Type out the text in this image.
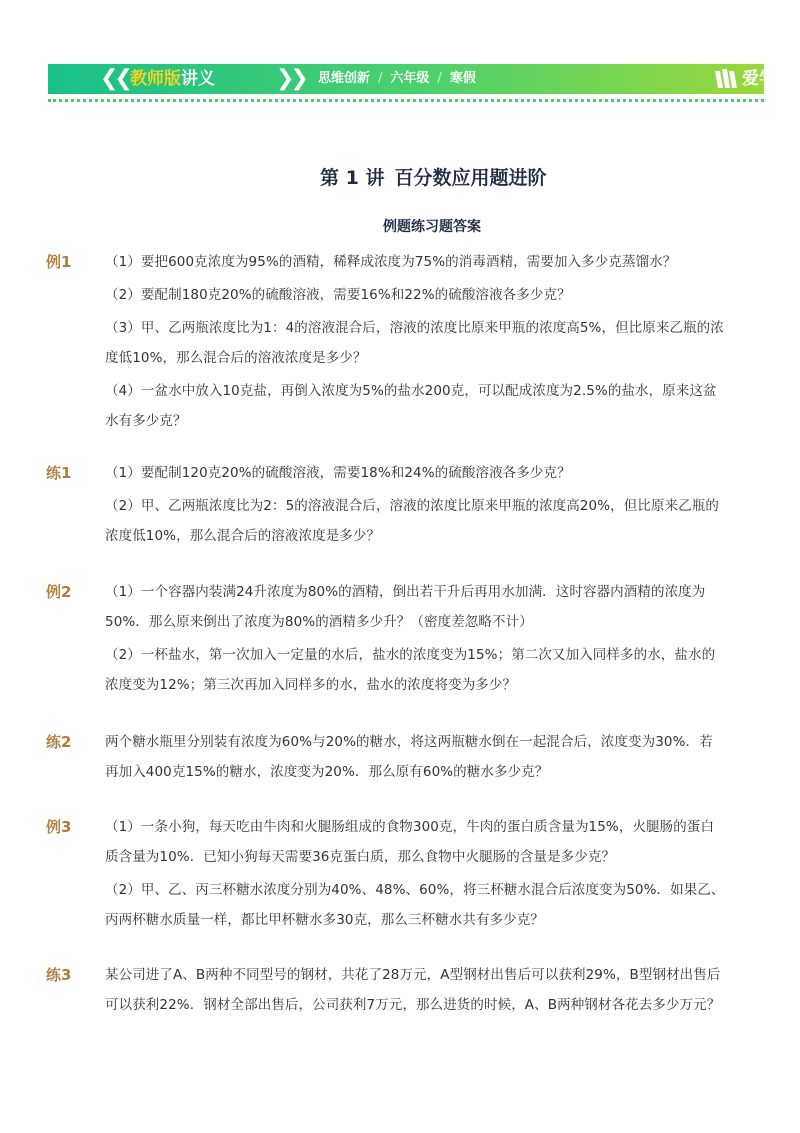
❮❮ 教师版讲义	❯❯ 思维创新 / 六年级 / 寒假	爱学习
第 1 讲 百分数应用题进阶
例题练习题答案
例1	（1）要把600克浓度为95%的酒精，稀释成浓度为75%的消毒酒精，需要加入多少克蒸馏水？

（2）要配制180克20%的硫酸溶液，需要16%和22%的硫酸溶液各多少克？

（3）甲、乙两瓶浓度比为1：4的溶液混合后，溶液的浓度比原来甲瓶的浓度高5%，但比原来乙瓶的浓度低10%，那么混合后的溶液浓度是多少？

（4）一盆水中放入10克盐，再倒入浓度为5%的盐水200克，可以配成浓度为2.5%的盐水，原来这盆水有多少克？

练1	（1）要配制120克20%的硫酸溶液，需要18%和24%的硫酸溶液各多少克？

（2）甲、乙两瓶浓度比为2：5的溶液混合后，溶液的浓度比原来甲瓶的浓度高20%，但比原来乙瓶的浓度低10%，那么混合后的溶液浓度是多少？

例2	（1）一个容器内装满24升浓度为80%的酒精，倒出若干升后再用水加满．这时容器内酒精的浓度为50%．那么原来倒出了浓度为80%的酒精多少升？（密度差忽略不计）

（2）一杯盐水，第一次加入一定量的水后，盐水的浓度变为15%；第二次又加入同样多的水，盐水的浓度变为12%；第三次再加入同样多的水，盐水的浓度将变为多少？

练2	两个糖水瓶里分别装有浓度为60%与20%的糖水，将这两瓶糖水倒在一起混合后，浓度变为30%．若再加入400克15%的糖水，浓度变为20%．那么原有60%的糖水多少克？

例3	（1）一条小狗，每天吃由牛肉和火腿肠组成的食物300克，牛肉的蛋白质含量为15%，火腿肠的蛋白质含量为10%．已知小狗每天需要36克蛋白质，那么食物中火腿肠的含量是多少克？

（2）甲、乙、丙三杯糖水浓度分别为40%、48%、60%，将三杯糖水混合后浓度变为50%．如果乙、丙两杯糖水质量一样，都比甲杯糖水多30克，那么三杯糖水共有多少克？

练3	某公司进了A、B两种不同型号的钢材，共花了28万元，A型钢材出售后可以获利29%，B型钢材出售后可以获利22%．钢材全部出售后，公司获利7万元，那么进货的时候，A、B两种钢材各花去多少万元？
